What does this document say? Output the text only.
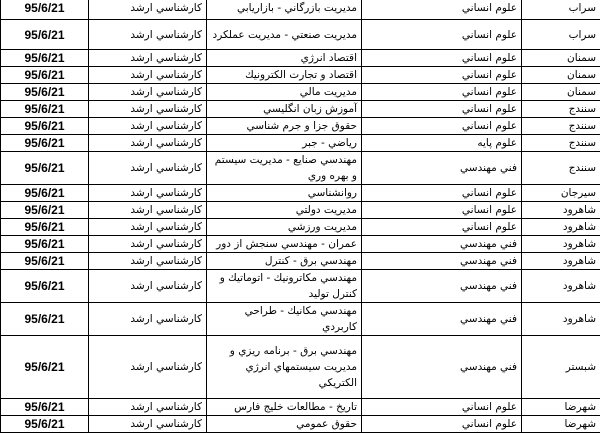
95/6/21	كارشناسي ارشد	مديريت بازرگاني - بازاريابي	علوم انساني	سراب
95/6/21	كارشناسي ارشد	مديريت صنعتي - مديريت عملكرد	علوم انساني	سراب
95/6/21	كارشناسي ارشد	اقتصاد انرژي	علوم انساني	سمنان
95/6/21	كارشناسي ارشد	اقتصاد و تجارت الكترونيك	علوم انساني	سمنان
95/6/21	كارشناسي ارشد	مديريت مالي	علوم انساني	سمنان
95/6/21	كارشناسي ارشد	آموزش زبان انگليسي	علوم انساني	سنندج
95/6/21	كارشناسي ارشد	حقوق جزا و جرم شناسي	علوم انساني	سنندج
95/6/21	كارشناسي ارشد	رياضي - جبر	علوم پايه	سنندج
95/6/21	كارشناسي ارشد	مهندسي صنايع - مديريت سيستم و بهره وري	فني مهندسي	سنندج
95/6/21	كارشناسي ارشد	روانشناسي	علوم انساني	سيرجان
95/6/21	كارشناسي ارشد	مديريت دولتي	علوم انساني	شاهرود
95/6/21	كارشناسي ارشد	مديريت ورزشي	علوم انساني	شاهرود
95/6/21	كارشناسي ارشد	عمران - مهندسي سنجش از دور	فني مهندسي	شاهرود
95/6/21	كارشناسي ارشد	مهندسي برق - كنترل	فني مهندسي	شاهرود
95/6/21	كارشناسي ارشد	مهندسي مكاترونيك - اتوماتيك و كنترل توليد	فني مهندسي	شاهرود
95/6/21	كارشناسي ارشد	مهندسي مكانيك - طراحي كاربردي	فني مهندسي	شاهرود
95/6/21	كارشناسي ارشد	مهندسي برق - برنامه ريزي و مديريت سيستمهاي انرژي الكتريكي	فني مهندسي	شبستر
95/6/21	كارشناسي ارشد	تاريخ - مطالعات خليج فارس	علوم انساني	شهرضا
95/6/21	كارشناسي ارشد	حقوق عمومي	علوم انساني	شهرضا
